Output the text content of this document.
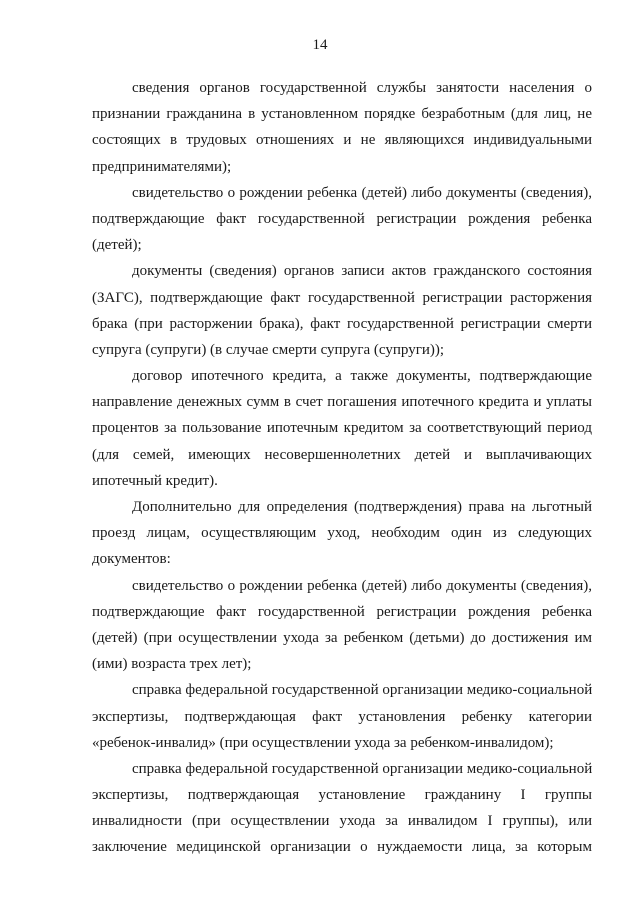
14
сведения органов государственной службы занятости населения о
признании гражданина в установленном порядке безработным (для лиц, не
состоящих в трудовых отношениях и не являющихся индивидуальными
предпринимателями);
свидетельство о рождении ребенка (детей) либо документы (сведения),
подтверждающие факт государственной регистрации рождения ребенка
(детей);
документы (сведения) органов записи актов гражданского состояния
(ЗАГС), подтверждающие факт государственной регистрации расторжения
брака (при расторжении брака), факт государственной регистрации смерти
супруга (супруги) (в случае смерти супруга (супруги));
договор ипотечного кредита, а также документы, подтверждающие
направление денежных сумм в счет погашения ипотечного кредита и уплаты
процентов за пользование ипотечным кредитом за соответствующий период
(для семей, имеющих несовершеннолетних детей и выплачивающих
ипотечный кредит).
Дополнительно для определения (подтверждения) права на льготный
проезд лицам, осуществляющим уход, необходим один из следующих
документов:
свидетельство о рождении ребенка (детей) либо документы (сведения),
подтверждающие факт государственной регистрации рождения ребенка
(детей) (при осуществлении ухода за ребенком (детьми) до достижения им
(ими) возраста трех лет);
справка федеральной государственной организации медико-социальной
экспертизы, подтверждающая факт установления ребенку категории
«ребенок-инвалид» (при осуществлении ухода за ребенком-инвалидом);
справка федеральной государственной организации медико-социальной
экспертизы, подтверждающая установление гражданину I группы
инвалидности (при осуществлении ухода за инвалидом I группы), или
заключение медицинской организации о нуждаемости лица, за которым
